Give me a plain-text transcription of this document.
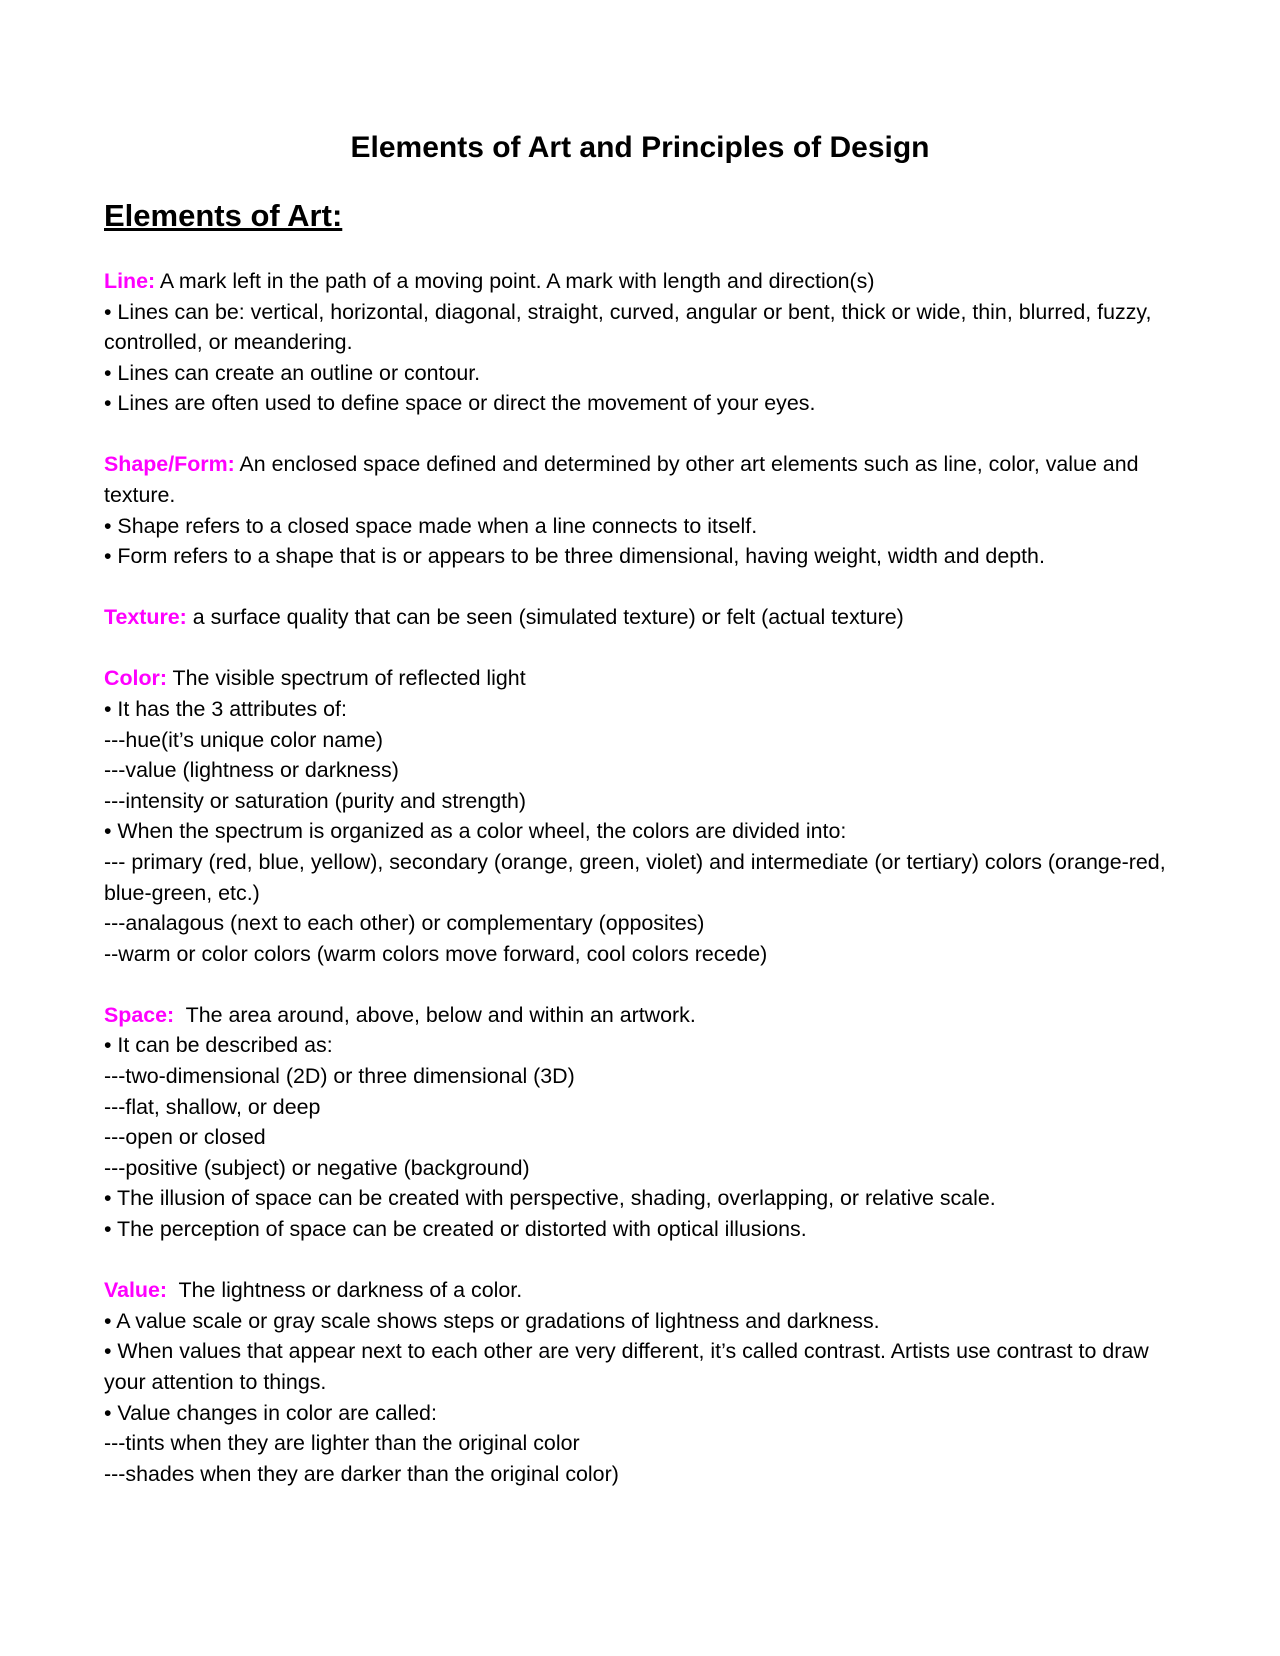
Elements of Art and Principles of Design
Elements of Art:
Line: A mark left in the path of a moving point. A mark with length and direction(s)
• Lines can be: vertical, horizontal, diagonal, straight, curved, angular or bent, thick or wide, thin, blurred, fuzzy, controlled, or meandering.
• Lines can create an outline or contour.
• Lines are often used to define space or direct the movement of your eyes.
Shape/Form: An enclosed space defined and determined by other art elements such as line, color, value and texture.
• Shape refers to a closed space made when a line connects to itself.
• Form refers to a shape that is or appears to be three dimensional, having weight, width and depth.
Texture: a surface quality that can be seen (simulated texture) or felt (actual texture)
Color: The visible spectrum of reflected light
• It has the 3 attributes of:
---hue(it’s unique color name)
---value (lightness or darkness)
---intensity or saturation (purity and strength)
• When the spectrum is organized as a color wheel, the colors are divided into:
--- primary (red, blue, yellow), secondary (orange, green, violet) and intermediate (or tertiary) colors (orange-red, blue-green, etc.)
---analagous (next to each other) or complementary (opposites)
--warm or color colors (warm colors move forward, cool colors recede)
Space:  The area around, above, below and within an artwork.
• It can be described as:
---two-dimensional (2D) or three dimensional (3D)
---flat, shallow, or deep
---open or closed
---positive (subject) or negative (background)
• The illusion of space can be created with perspective, shading, overlapping, or relative scale.
• The perception of space can be created or distorted with optical illusions.
Value:  The lightness or darkness of a color.
• A value scale or gray scale shows steps or gradations of lightness and darkness.
• When values that appear next to each other are very different, it’s called contrast. Artists use contrast to draw your attention to things.
• Value changes in color are called:
---tints when they are lighter than the original color
---shades when they are darker than the original color)
